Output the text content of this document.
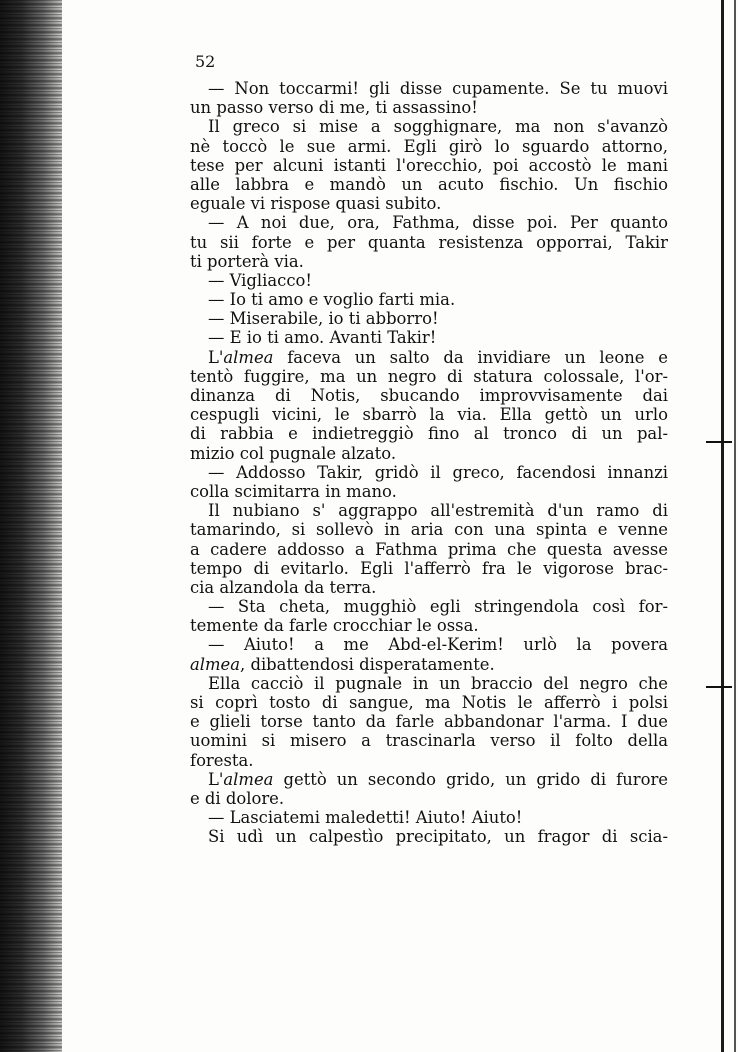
52
— Non toccarmi! gli disse cupamente. Se tu muovi
un passo verso di me, ti assassino!
Il greco si mise a sogghignare, ma non s'avanzò
nè toccò le sue armi. Egli girò lo sguardo attorno,
tese per alcuni istanti l'orecchio, poi accostò le mani
alle labbra e mandò un acuto fischio. Un fischio
eguale vi rispose quasi subito.
— A noi due, ora, Fathma, disse poi. Per quanto
tu sii forte e per quanta resistenza opporrai, Takir
ti porterà via.
— Vigliacco!
— Io ti amo e voglio farti mia.
— Miserabile, io ti abborro!
— E io ti amo. Avanti Takir!
L'almea faceva un salto da invidiare un leone e
tentò fuggire, ma un negro di statura colossale, l'or-
dinanza di Notis, sbucando improvvisamente dai
cespugli vicini, le sbarrò la via. Ella gettò un urlo
di rabbia e indietreggiò fino al tronco di un pal-
mizio col pugnale alzato.
— Addosso Takir, gridò il greco, facendosi innanzi
colla scimitarra in mano.
Il nubiano s' aggrappo all'estremità d'un ramo di
tamarindo, si sollevò in aria con una spinta e venne
a cadere addosso a Fathma prima che questa avesse
tempo di evitarlo. Egli l'afferrò fra le vigorose brac-
cia alzandola da terra.
— Sta cheta, mugghiò egli stringendola così for-
temente da farle crocchiar le ossa.
— Aiuto! a me Abd-el-Kerim! urlò la povera
almea, dibattendosi disperatamente.
Ella cacciò il pugnale in un braccio del negro che
si coprì tosto di sangue, ma Notis le afferrò i polsi
e glieli torse tanto da farle abbandonar l'arma. I due
uomini si misero a trascinarla verso il folto della
foresta.
L'almea gettò un secondo grido, un grido di furore
e di dolore.
— Lasciatemi maledetti! Aiuto! Aiuto!
Si udì un calpestìo precipitato, un fragor di scia-
